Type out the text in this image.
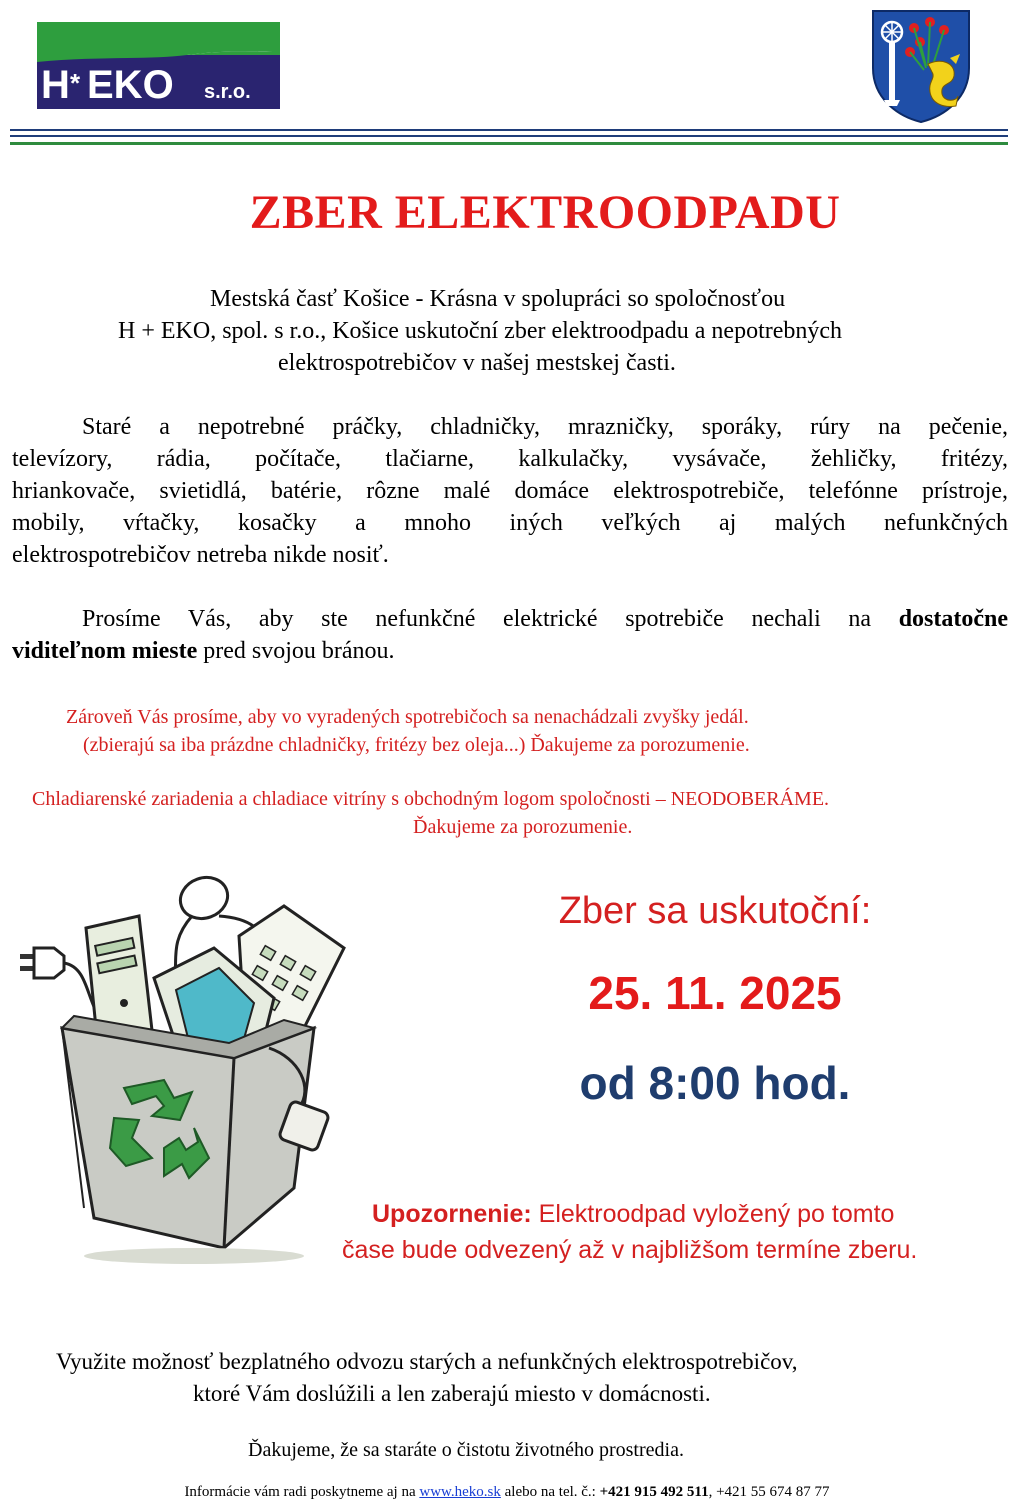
H * EKO s.r.o.
ZBER ELEKTROODPADU
Mestská časť Košice - Krásna v spolupráci so spoločnosťou
H + EKO, spol. s r.o., Košice uskutoční zber elektroodpadu a nepotrebných
elektrospotrebičov v našej mestskej časti.
Staré a nepotrebné práčky, chladničky, mrazničky, sporáky, rúry na pečenie,
televízory, rádia, počítače, tlačiarne, kalkulačky, vysávače, žehličky, fritézy,
hriankovače, svietidlá, batérie, rôzne malé domáce elektrospotrebiče, telefónne prístroje,
mobily, vŕtačky, kosačky a mnoho iných veľkých aj malých nefunkčných
elektrospotrebičov netreba nikde nosiť.
Prosíme Vás, aby ste nefunkčné elektrické spotrebiče nechali na dostatočne
viditeľnom mieste pred svojou bránou.
Zároveň Vás prosíme, aby vo vyradených spotrebičoch sa nenachádzali zvyšky jedál.
(zbierajú sa iba prázdne chladničky, fritézy bez oleja...) Ďakujeme za porozumenie.
Chladiarenské zariadenia a chladiace vitríny s obchodným logom spoločnosti – NEODOBERÁME.
Ďakujeme za porozumenie.
Zber sa uskutoční:
25. 11. 2025
od 8:00 hod.
Upozornenie: Elektroodpad vyložený po tomto
čase bude odvezený až v najbližšom termíne zberu.
Využite možnosť bezplatného odvozu starých a nefunkčných elektrospotrebičov,
ktoré Vám doslúžili a len zaberajú miesto v domácnosti.
Ďakujeme, že sa staráte o čistotu životného prostredia.
Informácie vám radi poskytneme aj na www.heko.sk alebo na tel. č.: +421 915 492 511, +421 55 674 87 77
